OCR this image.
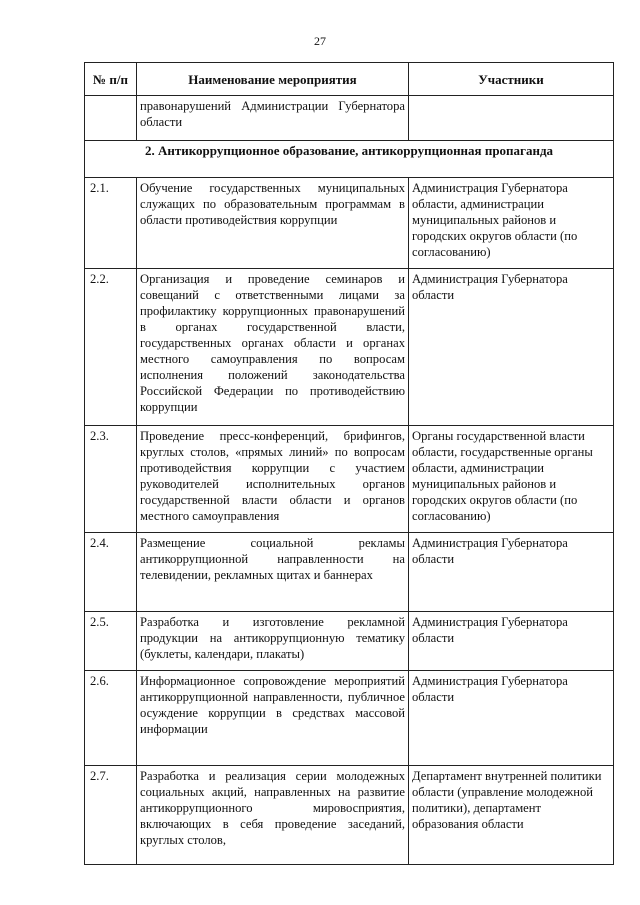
27
№ п/п	Наименование мероприятия	Участники
	правонарушений Администрации Губернатора области	
2. Антикоррупционное образование, антикоррупционная пропаганда		
2.1.	Обучение государственных муниципальных служащих по образовательным программам в области противодействия коррупции	Администрация Губернатора области, администрации муниципальных районов и городских округов области (по согласованию)
2.2.	Организация и проведение семинаров и совещаний с ответственными лицами за профилактику коррупционных правонарушений в органах государственной власти, государственных органах области и органах местного самоуправления по вопросам исполнения положений законодательства Российской Федерации по противодействию коррупции	Администрация Губернатора области
2.3.	Проведение пресс-конференций, брифингов, круглых столов, «прямых линий» по вопросам противодействия коррупции с участием руководителей исполнительных органов государственной власти области и органов местного самоуправления	Органы государственной власти области, государственные органы области, администрации муниципальных районов и городских округов области (по согласованию)
2.4.	Размещение социальной рекламы антикоррупционной направленности на телевидении, рекламных щитах и баннерах	Администрация Губернатора области
2.5.	Разработка и изготовление рекламной продукции на антикоррупционную тематику (буклеты, календари, плакаты)	Администрация Губернатора области
2.6.	Информационное сопровождение мероприятий антикоррупционной направленности, публичное осуждение коррупции в средствах массовой информации	Администрация Губернатора области
2.7.	Разработка и реализация серии молодежных социальных акций, направленных на развитие антикоррупционного мировосприятия, включающих в себя проведение заседаний, круглых столов,	Департамент внутренней политики области (управление молодежной политики), департамент образования области
